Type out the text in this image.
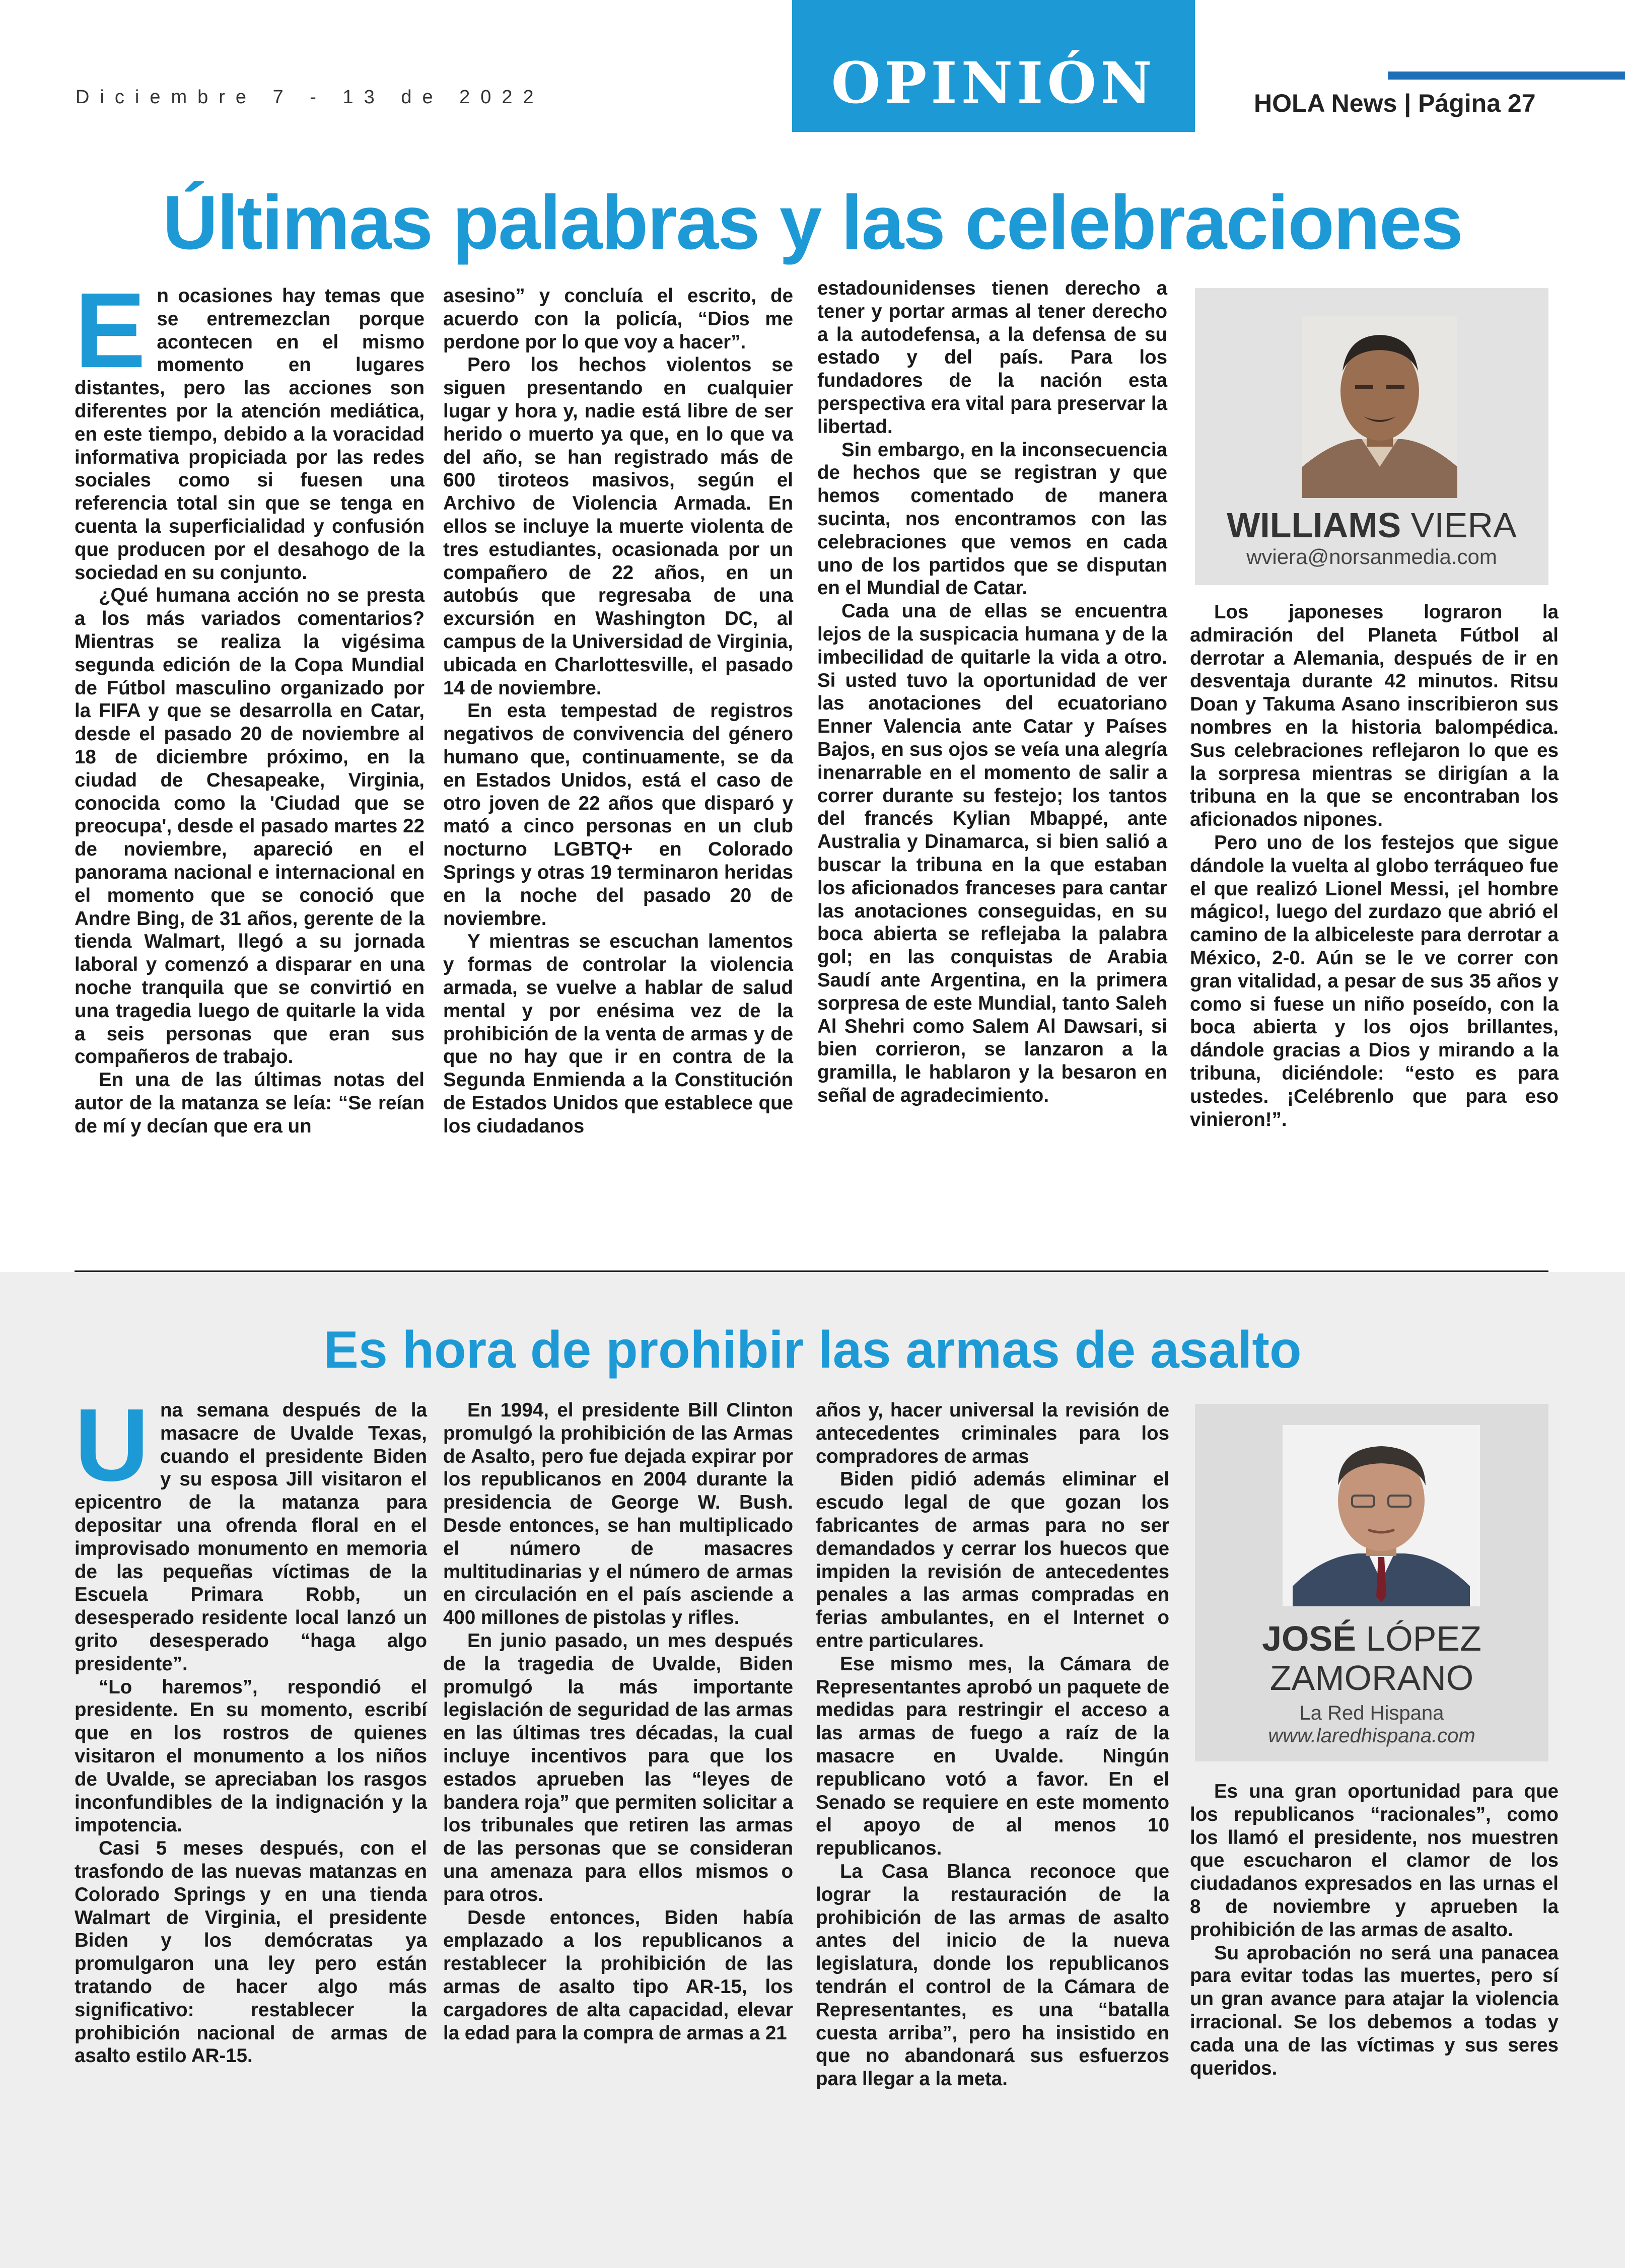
Diciembre 7 - 13 de 2022	OPINIÓN	HOLA News | Página 27
Últimas palabras y las celebraciones
E n ocasiones hay temas que se entremezclan porque acontecen en el mismo momento en lugares distantes, pero las acciones son diferentes por la atención mediática, en este tiempo, debido a la voracidad informativa propiciada por las redes sociales como si fuesen una referencia total sin que se tenga en cuenta la superficialidad y confusión que producen por el desahogo de la sociedad en su conjunto.

¿Qué humana acción no se presta a los más variados comentarios? Mientras se realiza la vigésima segunda edición de la Copa Mundial de Fútbol masculino organizado por la FIFA y que se desarrolla en Catar, desde el pasado 20 de noviembre al 18 de diciembre próximo, en la ciudad de Chesapeake, Virginia, conocida como la 'Ciudad que se preocupa', desde el pasado martes 22 de noviembre, apareció en el panorama nacional e internacional en el momento que se conoció que Andre Bing, de 31 años, gerente de la tienda Walmart, llegó a su jornada laboral y comenzó a disparar en una noche tranquila que se convirtió en una tragedia luego de quitarle la vida a seis personas que eran sus compañeros de trabajo.

En una de las últimas notas del autor de la matanza se leía: “Se reían de mí y decían que era un

asesino” y concluía el escrito, de acuerdo con la policía, “Dios me perdone por lo que voy a hacer”.

Pero los hechos violentos se siguen presentando en cualquier lugar y hora y, nadie está libre de ser herido o muerto ya que, en lo que va del año, se han registrado más de 600 tiroteos masivos, según el Archivo de Violencia Armada. En ellos se incluye la muerte violenta de tres estudiantes, ocasionada por un compañero de 22 años, en un autobús que regresaba de una excursión en Washington DC, al campus de la Universidad de Virginia, ubicada en Charlottesville, el pasado 14 de noviembre.

En esta tempestad de registros negativos de convivencia del género humano que, continuamente, se da en Estados Unidos, está el caso de otro joven de 22 años que disparó y mató a cinco personas en un club nocturno LGBTQ+ en Colorado Springs y otras 19 terminaron heridas en la noche del pasado 20 de noviembre.

Y mientras se escuchan lamentos y formas de controlar la violencia armada, se vuelve a hablar de salud mental y por enésima vez de la prohibición de la venta de armas y de que no hay que ir en contra de la Segunda Enmienda a la Constitución de Estados Unidos que establece que los ciudadanos

estadounidenses tienen derecho a tener y portar armas al tener derecho a la autodefensa, a la defensa de su estado y del país. Para los fundadores de la nación esta perspectiva era vital para preservar la libertad.

Sin embargo, en la inconsecuencia de hechos que se registran y que hemos comentado de manera sucinta, nos encontramos con las celebraciones que vemos en cada uno de los partidos que se disputan en el Mundial de Catar.

Cada una de ellas se encuentra lejos de la suspicacia humana y de la imbecilidad de quitarle la vida a otro. Si usted tuvo la oportunidad de ver las anotaciones del ecuatoriano Enner Valencia ante Catar y Países Bajos, en sus ojos se veía una alegría inenarrable en el momento de salir a correr durante su festejo; los tantos del francés Kylian Mbappé, ante Australia y Dinamarca, si bien salió a buscar la tribuna en la que estaban los aficionados franceses para cantar las anotaciones conseguidas, en su boca abierta se reflejaba la palabra gol; en las conquistas de Arabia Saudí ante Argentina, en la primera sorpresa de este Mundial, tanto Saleh Al Shehri como Salem Al Dawsari, si bien corrieron, se lanzaron a la gramilla, le hablaron y la besaron en señal de agradecimiento.

WILLIAMS VIERA
wviera@norsanmedia.com

Los japoneses lograron la admiración del Planeta Fútbol al derrotar a Alemania, después de ir en desventaja durante 42 minutos. Ritsu Doan y Takuma Asano inscribieron sus nombres en la historia balompédica. Sus celebraciones reflejaron lo que es la sorpresa mientras se dirigían a la tribuna en la que se encontraban los aficionados nipones.

Pero uno de los festejos que sigue dándole la vuelta al globo terráqueo fue el que realizó Lionel Messi, ¡el hombre mágico!, luego del zurdazo que abrió el camino de la albiceleste para derrotar a México, 2-0. Aún se le ve correr con gran vitalidad, a pesar de sus 35 años y como si fuese un niño poseído, con la boca abierta y los ojos brillantes, dándole gracias a Dios y mirando a la tribuna, diciéndole: “esto es para ustedes. ¡Celébrenlo que para eso vinieron!”.

Es hora de prohibir las armas de asalto
U na semana después de la masacre de Uvalde Texas, cuando el presidente Biden y su esposa Jill visitaron el epicentro de la matanza para depositar una ofrenda floral en el improvisado monumento en memoria de las pequeñas víctimas de la Escuela Primara Robb, un desesperado residente local lanzó un grito desesperado “haga algo presidente”.

“Lo haremos”, respondió el presidente. En su momento, escribí que en los rostros de quienes visitaron el monumento a los niños de Uvalde, se apreciaban los rasgos inconfundibles de la indignación y la impotencia.

Casi 5 meses después, con el trasfondo de las nuevas matanzas en Colorado Springs y en una tienda Walmart de Virginia, el presidente Biden y los demócratas ya promulgaron una ley pero están tratando de hacer algo más significativo: restablecer la prohibición nacional de armas de asalto estilo AR-15.

En 1994, el presidente Bill Clinton promulgó la prohibición de las Armas de Asalto, pero fue dejada expirar por los republicanos en 2004 durante la presidencia de George W. Bush. Desde entonces, se han multiplicado el número de masacres multitudinarias y el número de armas en circulación en el país asciende a 400 millones de pistolas y rifles.

En junio pasado, un mes después de la tragedia de Uvalde, Biden promulgó la más importante legislación de seguridad de las armas en las últimas tres décadas, la cual incluye incentivos para que los estados aprueben las “leyes de bandera roja” que permiten solicitar a los tribunales que retiren las armas de las personas que se consideran una amenaza para ellos mismos o para otros.

Desde entonces, Biden había emplazado a los republicanos a restablecer la prohibición de las armas de asalto tipo AR-15, los cargadores de alta capacidad, elevar la edad para la compra de armas a 21

años y, hacer universal la revisión de antecedentes criminales para los compradores de armas

Biden pidió además eliminar el escudo legal de que gozan los fabricantes de armas para no ser demandados y cerrar los huecos que impiden la revisión de antecedentes penales a las armas compradas en ferias ambulantes, en el Internet o entre particulares.

Ese mismo mes, la Cámara de Representantes aprobó un paquete de medidas para restringir el acceso a las armas de fuego a raíz de la masacre en Uvalde. Ningún republicano votó a favor. En el Senado se requiere en este momento el apoyo de al menos 10 republicanos.

La Casa Blanca reconoce que lograr la restauración de la prohibición de las armas de asalto antes del inicio de la nueva legislatura, donde los republicanos tendrán el control de la Cámara de Representantes, es una “batalla cuesta arriba”, pero ha insistido en que no abandonará sus esfuerzos para llegar a la meta.

JOSÉ LÓPEZ
ZAMORANO
La Red Hispana
www.laredhispana.com

Es una gran oportunidad para que los republicanos “racionales”, como los llamó el presidente, nos muestren que escucharon el clamor de los ciudadanos expresados en las urnas el 8 de noviembre y aprueben la prohibición de las armas de asalto.

Su aprobación no será una panacea para evitar todas las muertes, pero sí un gran avance para atajar la violencia irracional. Se los debemos a todas y cada una de las víctimas y sus seres queridos.
